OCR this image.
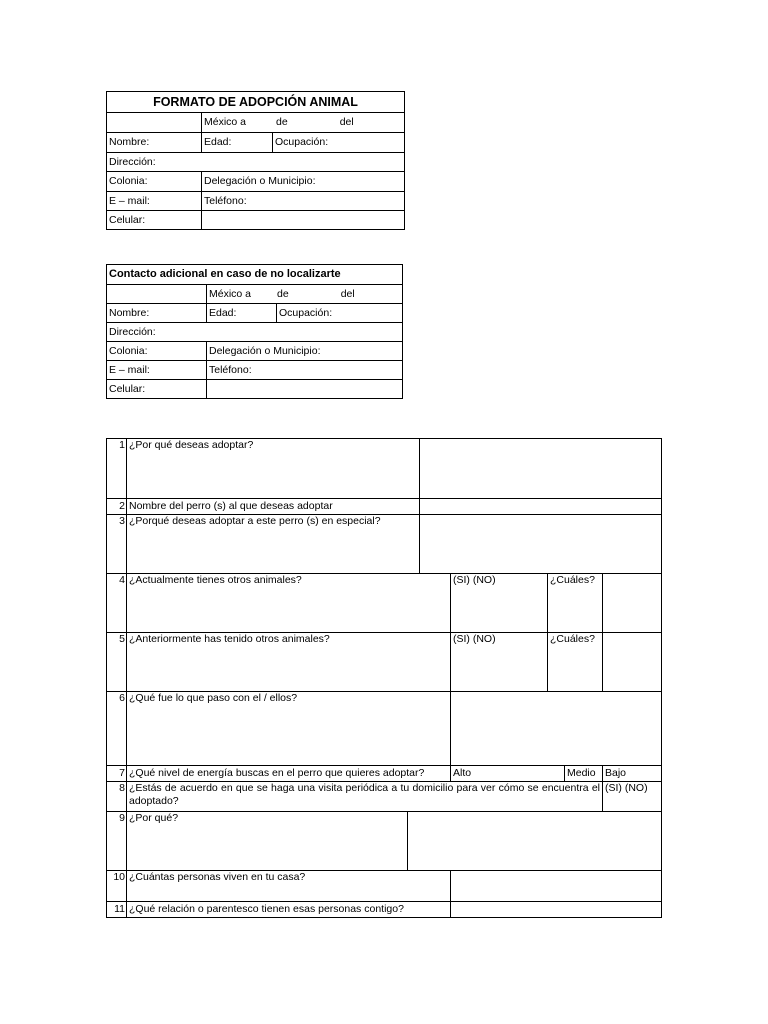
FORMATO DE ADOPCIÓN ANIMAL		
	México a de del	
Nombre:	Edad:	Ocupación:
Dirección:		
Colonia:	Delegación o Municipio:	
E – mail:	Teléfono:	
Celular:		
Contacto adicional en caso de no localizarte		
	México a de del	
Nombre:	Edad:	Ocupación:
Dirección:		
Colonia:	Delegación o Municipio:	
E – mail:	Teléfono:	
Celular:		
1	¿Por qué deseas adoptar?						
2	Nombre del perro (s) al que deseas adoptar						
3	¿Porqué deseas adoptar a este perro (s) en especial?						
4	¿Actualmente tienes otros animales?			(SI) (NO)	¿Cuáles?		
5	¿Anteriormente has tenido otros animales?			(SI) (NO)	¿Cuáles?		
6	¿Qué fue lo que paso con el / ellos?						
7	¿Qué nivel de energía buscas en el perro que quieres adoptar?			Alto		Medio	Bajo
8	¿Estás de acuerdo en que se haga una visita periódica a tu domicilio para ver cómo se encuentra el adoptado?						(SI) (NO)
9	¿Por qué?						
10	¿Cuántas personas viven en tu casa?						
11	¿Qué relación o parentesco tienen esas personas contigo?						
